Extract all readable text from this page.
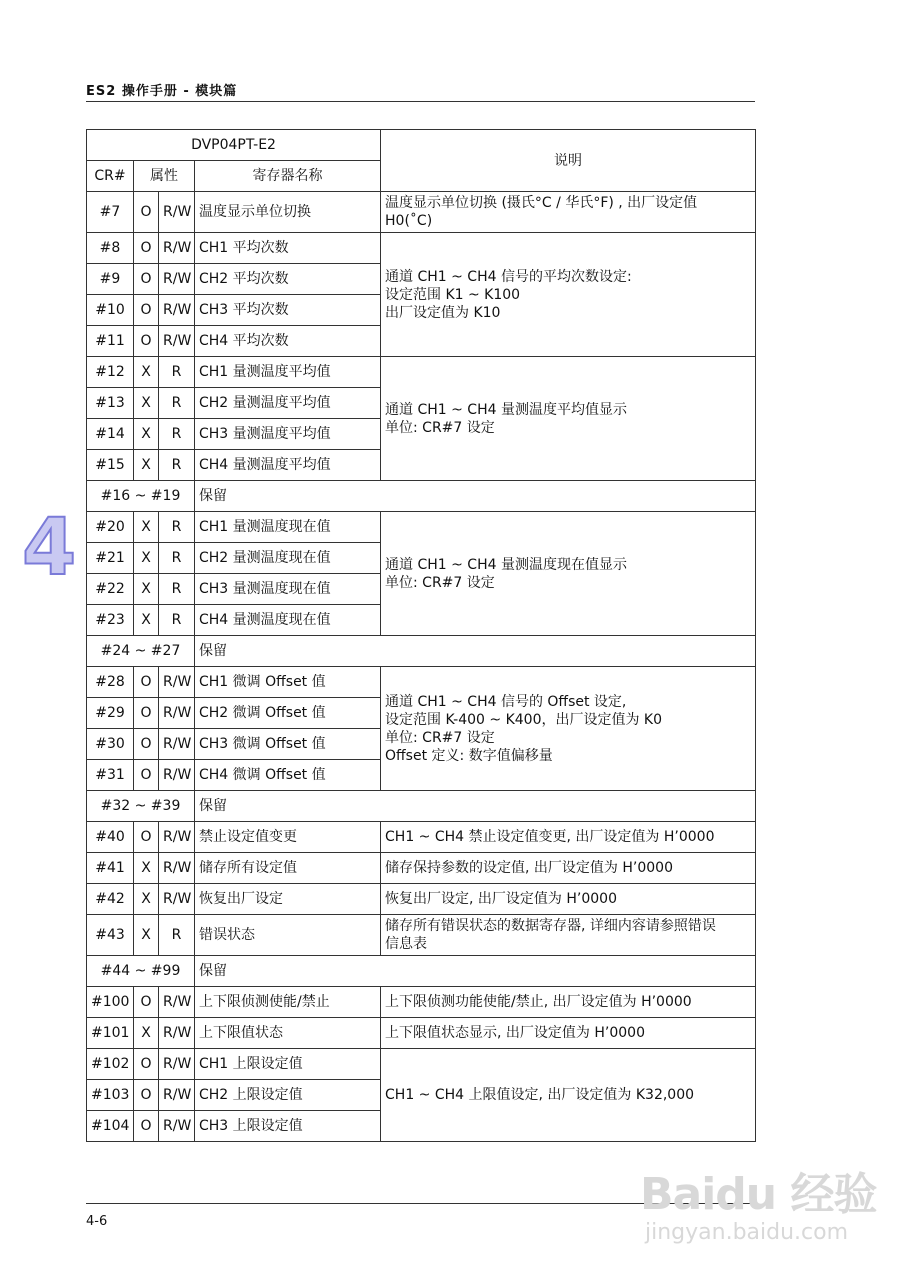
ES2 操作手册 - 模块篇
4
DVP04PT-E2				说明
CR#	属性		寄存器名称	
#7	O	R/W	温度显示单位切换	温度显示单位切换 (摄氏°C / 华氏°F) , 出厂设定值
H0(˚C)

#8	O	R/W	CH1 平均次数	通道 CH1 ~ CH4 信号的平均次数设定:
设定范围 K1 ~ K100
出厂设定值为 K10

#9	O	R/W	CH2 平均次数	
#10	O	R/W	CH3 平均次数	
#11	O	R/W	CH4 平均次数	
#12	X	R	CH1 量测温度平均值	通道 CH1 ~ CH4 量测温度平均值显示
单位: CR#7 设定

#13	X	R	CH2 量测温度平均值	
#14	X	R	CH3 量测温度平均值	
#15	X	R	CH4 量测温度平均值	
#16 ~ #19			保留	
#20	X	R	CH1 量测温度现在值	通道 CH1 ~ CH4 量测温度现在值显示
单位: CR#7 设定

#21	X	R	CH2 量测温度现在值	
#22	X	R	CH3 量测温度现在值	
#23	X	R	CH4 量测温度现在值	
#24 ~ #27			保留	
#28	O	R/W	CH1 微调 Offset 值	通道 CH1 ~ CH4 信号的 Offset 设定,
设定范围 K-400 ~ K400，出厂设定值为 K0
单位: CR#7 设定
Offset 定义: 数字值偏移量

#29	O	R/W	CH2 微调 Offset 值	
#30	O	R/W	CH3 微调 Offset 值	
#31	O	R/W	CH4 微调 Offset 值	
#32 ~ #39			保留	
#40	O	R/W	禁止设定值变更	CH1 ~ CH4 禁止设定值变更, 出厂设定值为 H’0000
#41	X	R/W	储存所有设定值	储存保持参数的设定值, 出厂设定值为 H’0000
#42	X	R/W	恢复出厂设定	恢复出厂设定, 出厂设定值为 H’0000
#43	X	R	错误状态	储存所有错误状态的数据寄存器, 详细内容请参照错误
信息表

#44 ~ #99			保留	
#100	O	R/W	上下限侦测使能/禁止	上下限侦测功能使能/禁止, 出厂设定值为 H’0000
#101	X	R/W	上下限值状态	上下限值状态显示, 出厂设定值为 H’0000
#102	O	R/W	CH1 上限设定值	CH1 ~ CH4 上限值设定, 出厂设定值为 K32,000
#103	O	R/W	CH2 上限设定值	
#104	O	R/W	CH3 上限设定值	
4-6
Baidu 经验
jingyan.baidu.com
